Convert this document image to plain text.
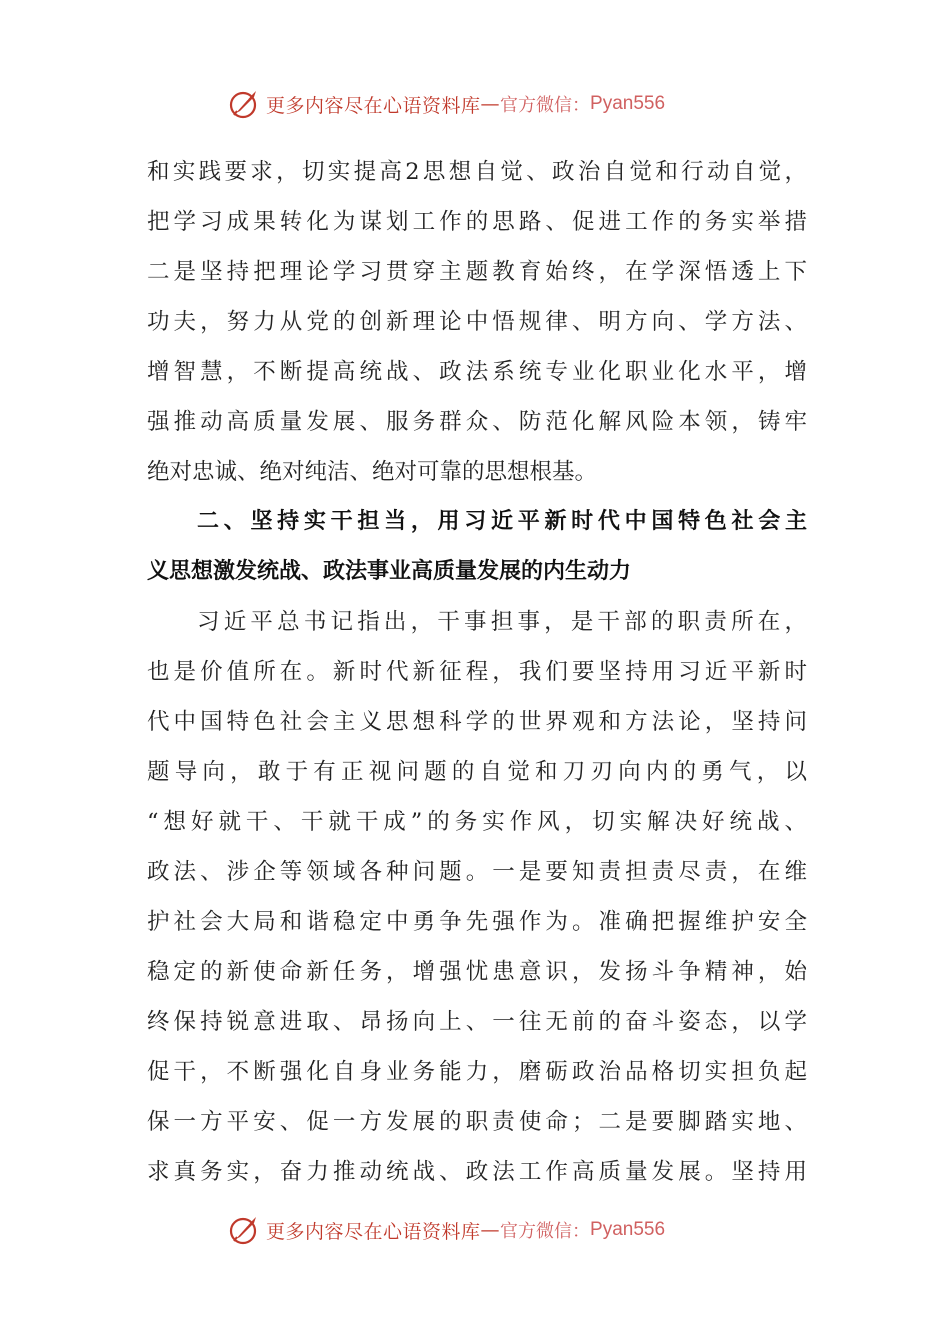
更多内容尽在心语资料库 — 官方微信： Pyan556
和实践要求，切实提高2思想自觉、政治自觉和行动自觉，
把学习成果转化为谋划工作的思路、促进工作的务实举措
二是坚持把理论学习贯穿主题教育始终，在学深悟透上下
功夫，努力从党的创新理论中悟规律、明方向、学方法、
增智慧，不断提高统战、政法系统专业化职业化水平，增
强推动高质量发展、服务群众、防范化解风险本领，铸牢
绝对忠诚、绝对纯洁、绝对可靠的思想根基。
二、坚持实干担当，用习近平新时代中国特色社会主
义思想激发统战、政法事业高质量发展的内生动力
习近平总书记指出，干事担事，是干部的职责所在，
也是价值所在。新时代新征程，我们要坚持用习近平新时
代中国特色社会主义思想科学的世界观和方法论，坚持问
题导向，敢于有正视问题的自觉和刀刃向内的勇气，以
“想好就干、干就干成”的务实作风，切实解决好统战、
政法、涉企等领域各种问题。一是要知责担责尽责，在维
护社会大局和谐稳定中勇争先强作为。准确把握维护安全
稳定的新使命新任务，增强忧患意识，发扬斗争精神，始
终保持锐意进取、昂扬向上、一往无前的奋斗姿态，以学
促干，不断强化自身业务能力，磨砺政治品格切实担负起
保一方平安、促一方发展的职责使命；二是要脚踏实地、
求真务实，奋力推动统战、政法工作高质量发展。坚持用
更多内容尽在心语资料库 — 官方微信： Pyan556
